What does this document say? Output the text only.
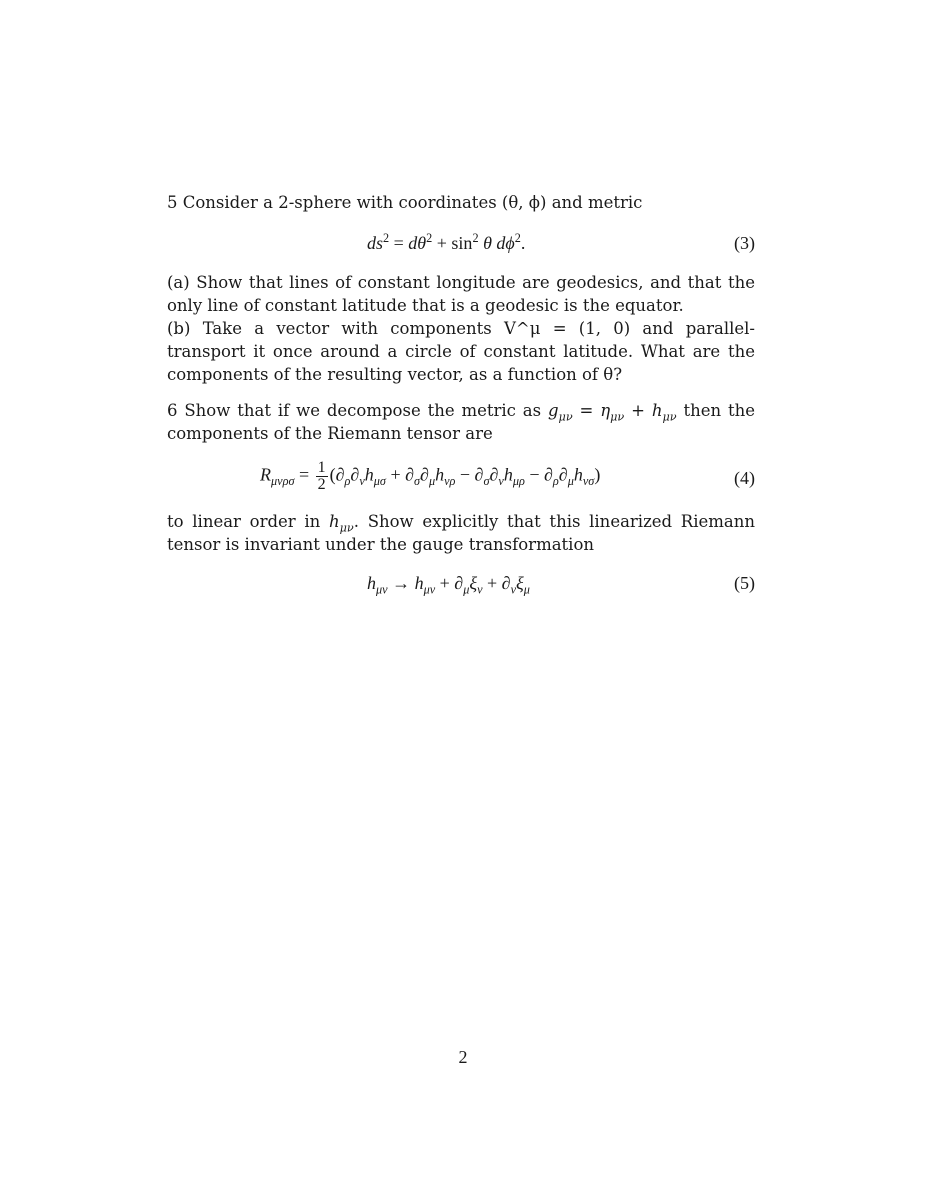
5 Consider a 2-sphere with coordinates (θ, ϕ) and metric

$ds^2 = d\theta^2 + \sin^2 \theta$ $d\phi^2$.	(3)

(a) Show that lines of constant longitude are geodesics, and that the only line of constant latitude that is a geodesic is the equator.

(b) Take a vector with components V^μ = (1, 0) and parallel-transport it once around a circle of constant latitude. What are the components of the resulting vector, as a function of θ?

6 Show that if we decompose the metric as $g_{\mu\nu} = \eta_{\mu\nu} + h_{\mu\nu}$ then the components of the Riemann tensor are

$R_{\mu\nu\rho\sigma} = \frac{1}{2} (\partial_\rho\partial_\nu h_{\mu\sigma} + \partial_\sigma\partial_\mu h_{\nu\rho} - \partial_\sigma\partial_\nu h_{\mu\rho} - \partial_\rho\partial_\mu h_{\nu\sigma})$	(4)

to linear order in $h_{\mu\nu}$. Show explicitly that this linearized Riemann tensor is invariant under the gauge transformation

$h_{\mu\nu} \to h_{\mu\nu} + \partial_\mu\xi_\nu + \partial_\nu\xi_\mu$	(5)
2
